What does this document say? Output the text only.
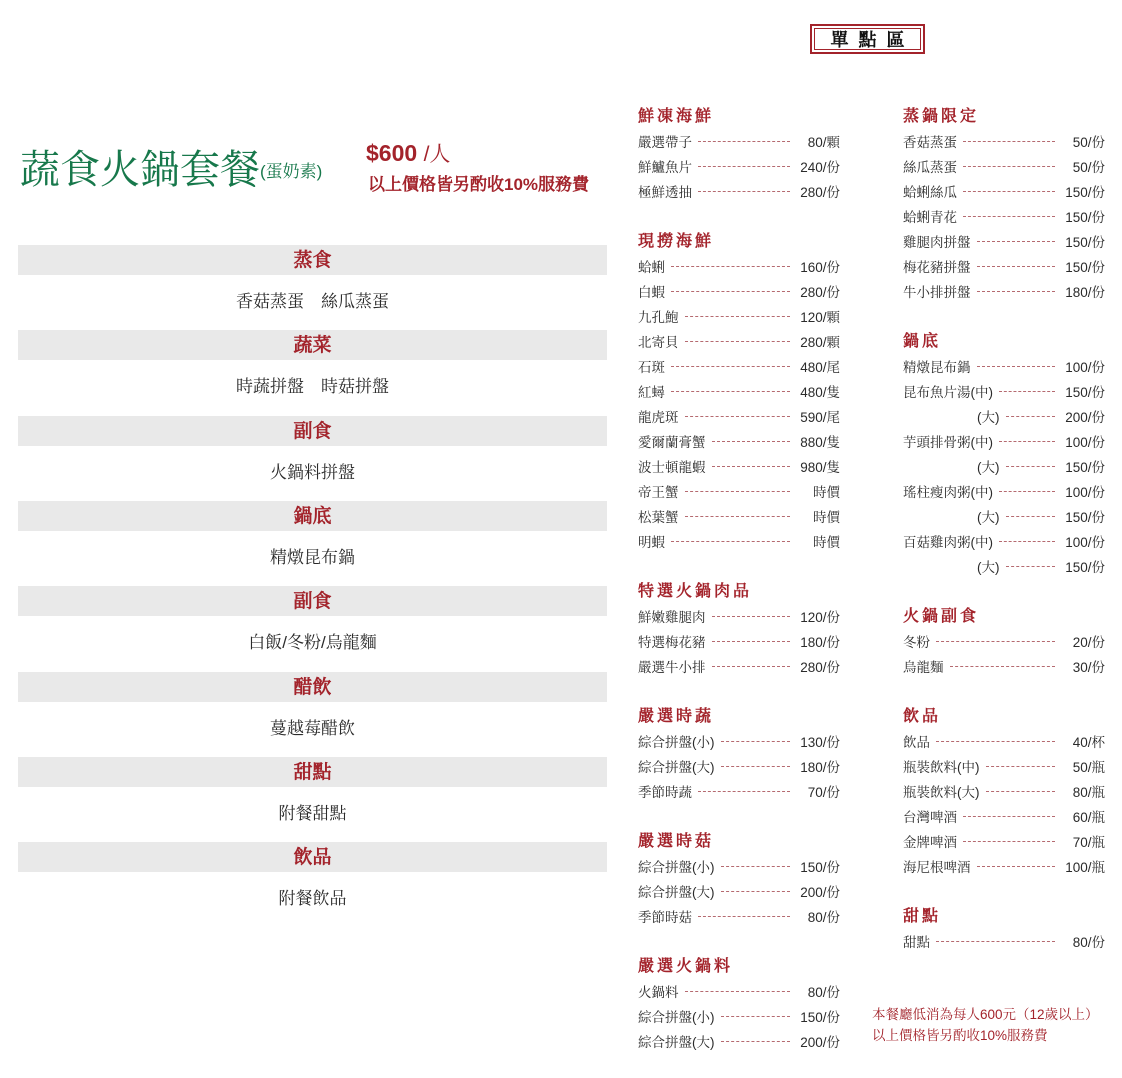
單點區
蔬食火鍋套餐$^{(蛋奶素)}$
$600 /人
以上價格皆另酌收10%服務費
蒸食
香菇蒸蛋　絲瓜蒸蛋
蔬菜
時蔬拼盤　時菇拼盤
副食
火鍋料拼盤
鍋底
精燉昆布鍋
副食
白飯/冬粉/烏龍麵
醋飲
蔓越莓醋飲
甜點
附餐甜點
飲品
附餐飲品
鮮凍海鮮
嚴選帶子	80/顆
鮮鱸魚片	240/份
極鮮透抽	280/份
現撈海鮮
蛤蜊	160/份
白蝦	280/份
九孔鮑	120/顆
北寄貝	280/顆
石斑	480/尾
紅蟳	480/隻
龍虎斑	590/尾
愛爾蘭膏蟹	880/隻
波士頓龍蝦	980/隻
帝王蟹	時價
松葉蟹	時價
明蝦	時價
特選火鍋肉品
鮮嫩雞腿肉	120/份
特選梅花豬	180/份
嚴選牛小排	280/份
嚴選時蔬
綜合拼盤(小)	130/份
綜合拼盤(大)	180/份
季節時蔬	70/份
嚴選時菇
綜合拼盤(小)	150/份
綜合拼盤(大)	200/份
季節時菇	80/份
嚴選火鍋料
火鍋料	80/份
綜合拼盤(小)	150/份
綜合拼盤(大)	200/份
蒸鍋限定
香菇蒸蛋	50/份
絲瓜蒸蛋	50/份
蛤蜊絲瓜	150/份
蛤蜊青花	150/份
雞腿肉拼盤	150/份
梅花豬拼盤	150/份
牛小排拼盤	180/份
鍋底
精燉昆布鍋	100/份
昆布魚片湯(中)	150/份
(大)	200/份
芋頭排骨粥(中)	100/份
(大)	150/份
瑤柱瘦肉粥(中)	100/份
(大)	150/份
百菇雞肉粥(中)	100/份
(大)	150/份
火鍋副食
冬粉	20/份
烏龍麵	30/份
飲品
飲品	40/杯
瓶裝飲料(中)	50/瓶
瓶裝飲料(大)	80/瓶
台灣啤酒	60/瓶
金牌啤酒	70/瓶
海尼根啤酒	100/瓶
甜點
甜點	80/份
本餐廳低消為每人600元（12歲以上）
以上價格皆另酌收10%服務費
